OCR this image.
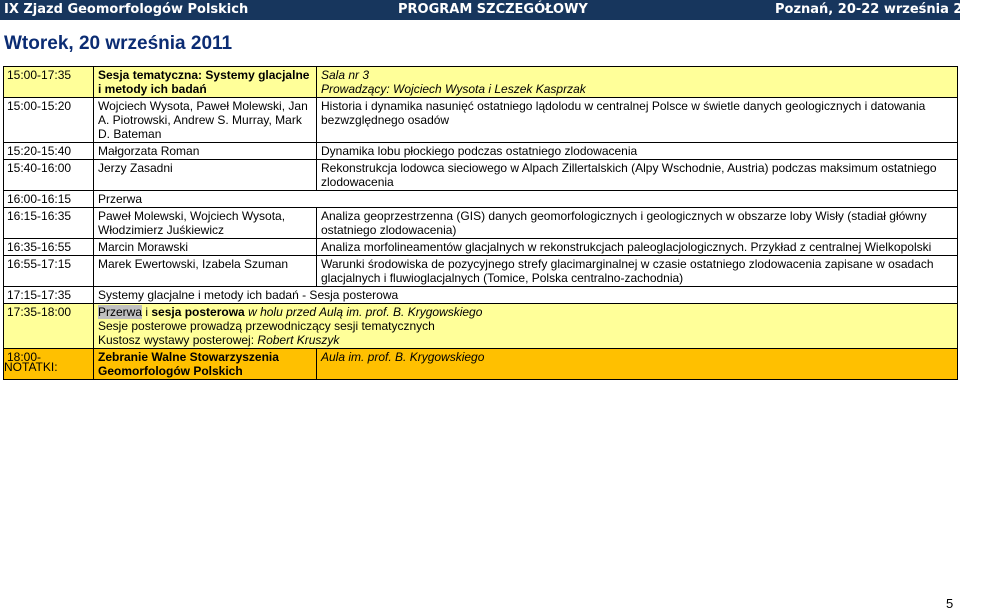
IX Zjazd Geomorfologów Polskich	PROGRAM SZCZEGÓŁOWY	Poznań, 20-22 września 2011
Wtorek, 20 września 2011
15:00-17:35	Sesja tematyczna: Systemy glacjalne i metody ich badań	Sala nr 3
Prowadzący: Wojciech Wysota i Leszek Kasprzak

15:00-15:20	Wojciech Wysota, Paweł Molewski, Jan A. Piotrowski, Andrew S. Murray, Mark D. Bateman	Historia i dynamika nasunięć ostatniego lądolodu w centralnej Polsce w świetle danych geologicznych i datowania bezwzględnego osadów
15:20-15:40	Małgorzata Roman	Dynamika lobu płockiego podczas ostatniego zlodowacenia
15:40-16:00	Jerzy Zasadni	Rekonstrukcja lodowca sieciowego w Alpach Zillertalskich (Alpy Wschodnie, Austria) podczas maksimum ostatniego zlodowacenia
16:00-16:15	Przerwa	
16:15-16:35	Paweł Molewski, Wojciech Wysota, Włodzimierz Juśkiewicz	Analiza geoprzestrzenna (GIS) danych geomorfologicznych i geologicznych w obszarze loby Wisły (stadiał główny ostatniego zlodowacenia)
16:35-16:55	Marcin Morawski	Analiza morfolineamentów glacjalnych w rekonstrukcjach paleoglacjologicznych. Przykład z centralnej Wielkopolski
16:55-17:15	Marek Ewertowski, Izabela Szuman	Warunki środowiska de pozycyjnego strefy glacimarginalnej w czasie ostatniego zlodowacenia zapisane w osadach glacjalnych i fluwioglacjalnych (Tomice, Polska centralno-zachodnia)
17:15-17:35	Systemy glacjalne i metody ich badań - Sesja posterowa	
17:35-18:00	Przerwa i sesja posterowa w holu przed Aulą im. prof. B. Krygowskiego
Sesje posterowe prowadzą przewodniczący sesji tematycznych
Kustosz wystawy posterowej: Robert Kruszyk	

18:00-	Zebranie Walne Stowarzyszenia Geomorfologów Polskich	Aula im. prof. B. Krygowskiego
NOTATKI:
5
